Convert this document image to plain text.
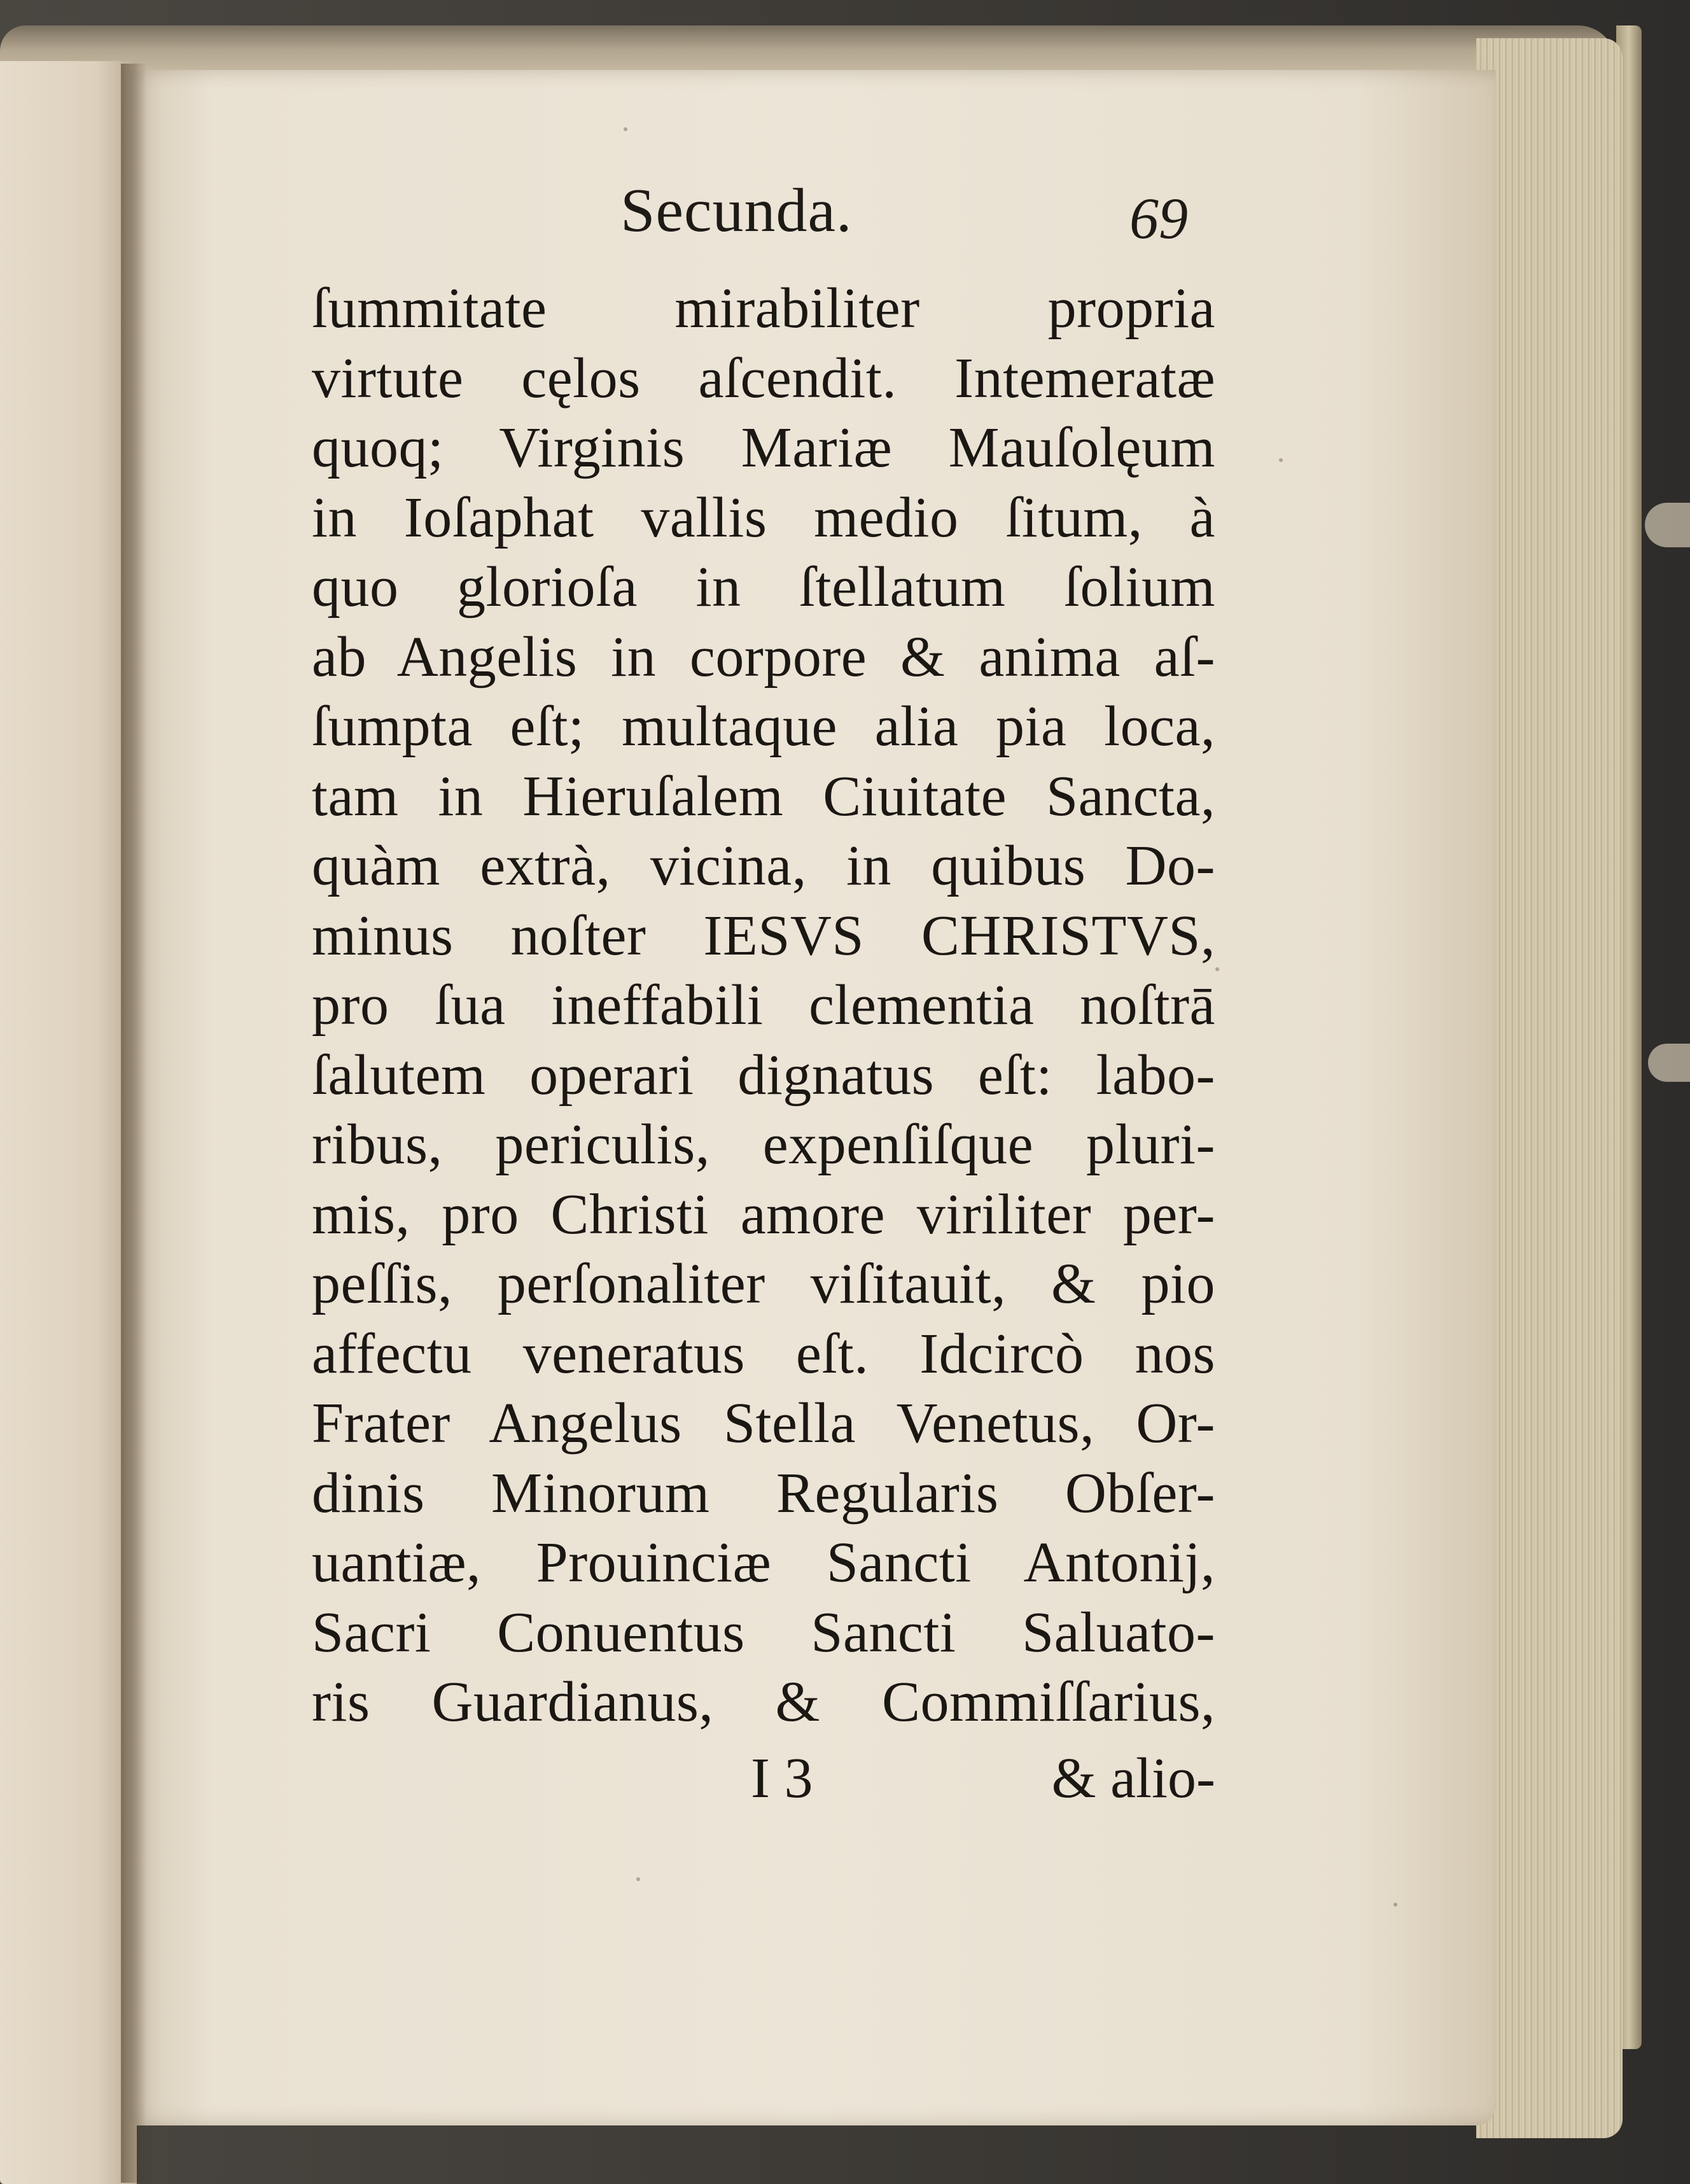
Secunda.	69
ſummitate mirabiliter propria
virtute cęlos aſcendit. Intemeratæ
quoq; Virginis Mariæ Mauſolęum
in Ioſaphat vallis medio ſitum, à
quo glorioſa in ſtellatum ſolium
ab Angelis in corpore & anima aſ-
ſumpta eſt; multaque alia pia loca,
tam in Hieruſalem Ciuitate Sancta,
quàm extrà, vicina, in quibus Do-
minus noſter IESVS CHRISTVS,
pro ſua ineffabili clementia noſtrā
ſalutem operari dignatus eſt: labo-
ribus, periculis, expenſiſque pluri-
mis, pro Christi amore viriliter per-
peſſis, perſonaliter viſitauit, & pio
affectu veneratus eſt. Idcircò nos
Frater Angelus Stella Venetus, Or-
dinis Minorum Regularis Obſer-
uantiæ, Prouinciæ Sancti Antonij,
Sacri Conuentus Sancti Saluato-
ris Guardianus, & Commiſſarius,
I 3	& alio-
